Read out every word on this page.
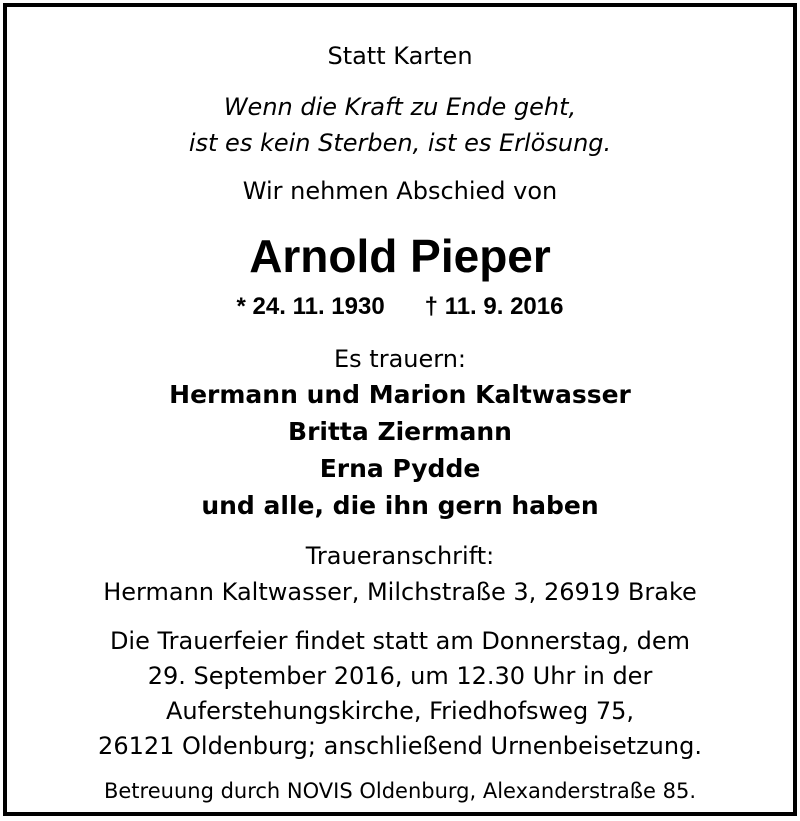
Statt Karten
Wenn die Kraft zu Ende geht,
ist es kein Sterben, ist es Erlösung.
Wir nehmen Abschied von
Arnold Pieper
* 24. 11. 1930 † 11. 9. 2016
Es trauern:
Hermann und Marion Kaltwasser
Britta Ziermann
Erna Pydde
und alle, die ihn gern haben
Traueranschrift:
Hermann Kaltwasser, Milchstraße 3, 26919 Brake
Die Trauerfeier findet statt am Donnerstag, dem
29. September 2016, um 12.30 Uhr in der
Auferstehungskirche, Friedhofsweg 75,
26121 Oldenburg; anschließend Urnenbeisetzung.
Betreuung durch NOVIS Oldenburg, Alexanderstraße 85.
